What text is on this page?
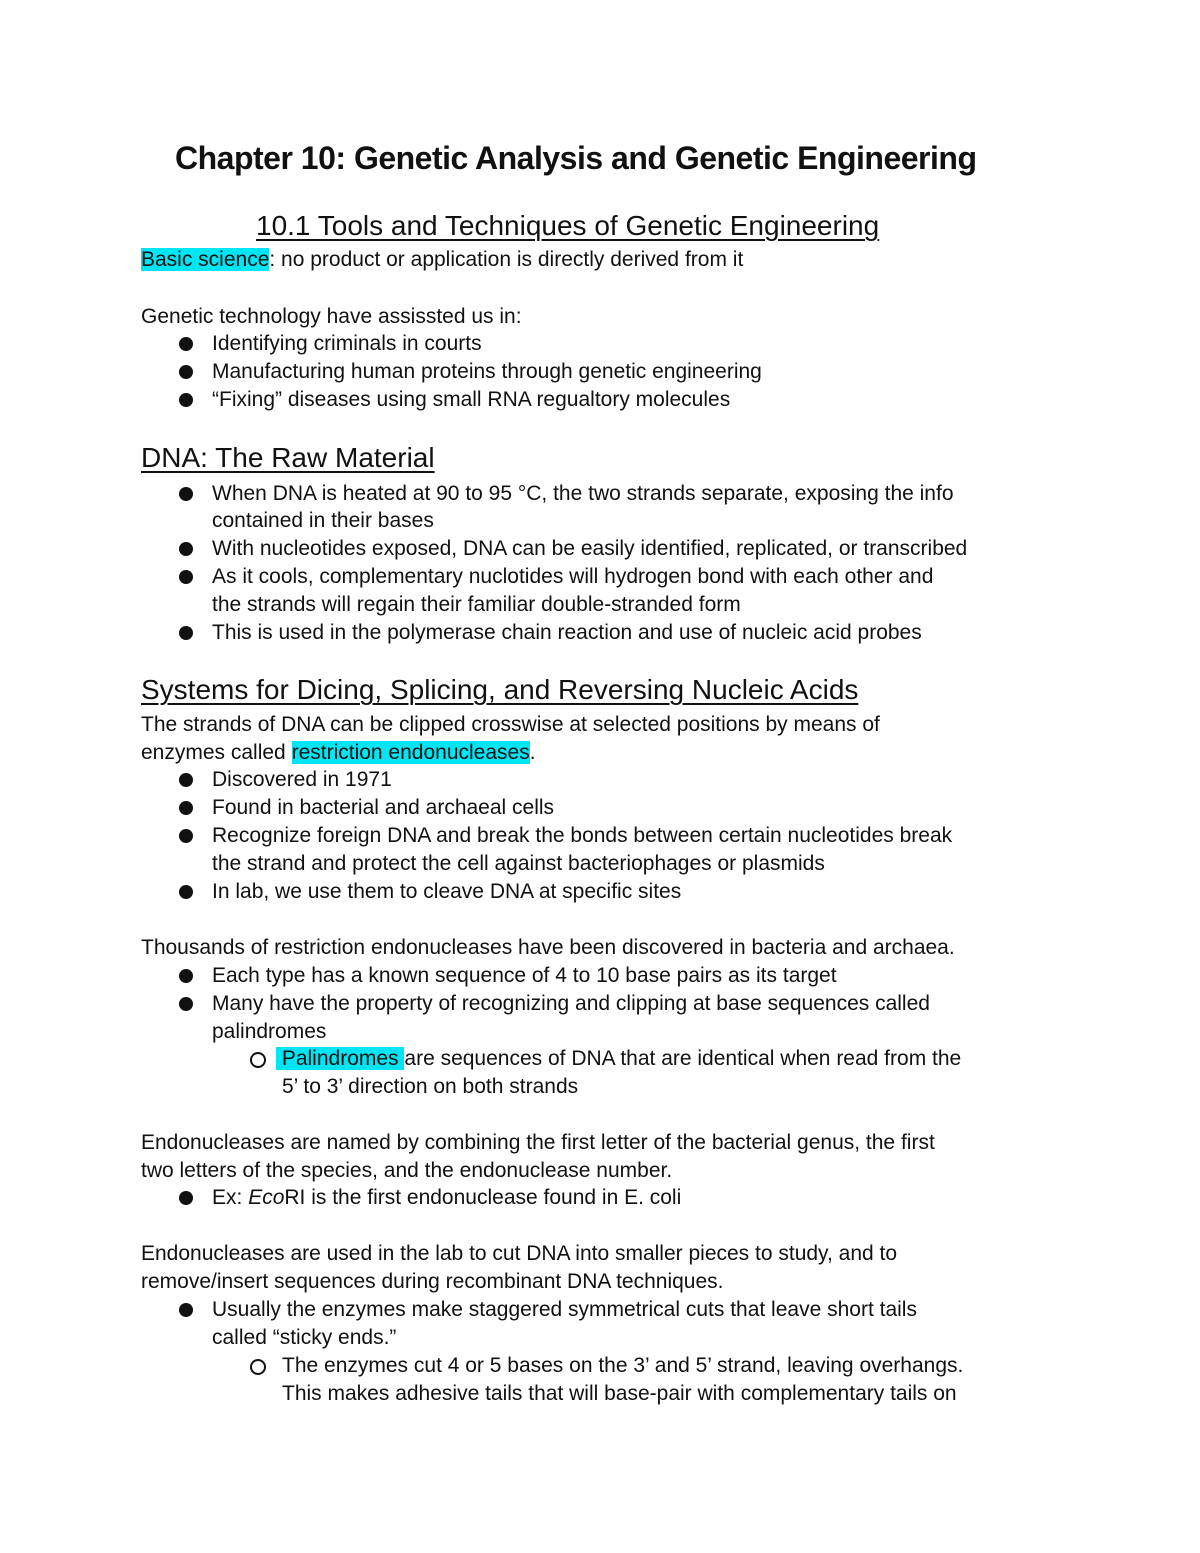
Chapter 10: Genetic Analysis and Genetic Engineering
10.1 Tools and Techniques of Genetic Engineering
Basic science: no product or application is directly derived from it
Genetic technology have assissted us in:
Identifying criminals in courts
Manufacturing human proteins through genetic engineering
“Fixing” diseases using small RNA regualtory molecules
DNA: The Raw Material
When DNA is heated at 90 to 95 °C, the two strands separate, exposing the info
contained in their bases
With nucleotides exposed, DNA can be easily identified, replicated, or transcribed
As it cools, complementary nuclotides will hydrogen bond with each other and
the strands will regain their familiar double-stranded form
This is used in the polymerase chain reaction and use of nucleic acid probes
Systems for Dicing, Splicing, and Reversing Nucleic Acids
The strands of DNA can be clipped crosswise at selected positions by means of
enzymes called restriction endonucleases.
Discovered in 1971
Found in bacterial and archaeal cells
Recognize foreign DNA and break the bonds between certain nucleotides break
the strand and protect the cell against bacteriophages or plasmids
In lab, we use them to cleave DNA at specific sites
Thousands of restriction endonucleases have been discovered in bacteria and archaea.
Each type has a known sequence of 4 to 10 base pairs as its target
Many have the property of recognizing and clipping at base sequences called
palindromes
Palindromes are sequences of DNA that are identical when read from the
5’ to 3’ direction on both strands
Endonucleases are named by combining the first letter of the bacterial genus, the first
two letters of the species, and the endonuclease number.
Ex: EcoRI is the first endonuclease found in E. coli
Endonucleases are used in the lab to cut DNA into smaller pieces to study, and to
remove/insert sequences during recombinant DNA techniques.
Usually the enzymes make staggered symmetrical cuts that leave short tails
called “sticky ends.”
The enzymes cut 4 or 5 bases on the 3’ and 5’ strand, leaving overhangs.
This makes adhesive tails that will base-pair with complementary tails on
